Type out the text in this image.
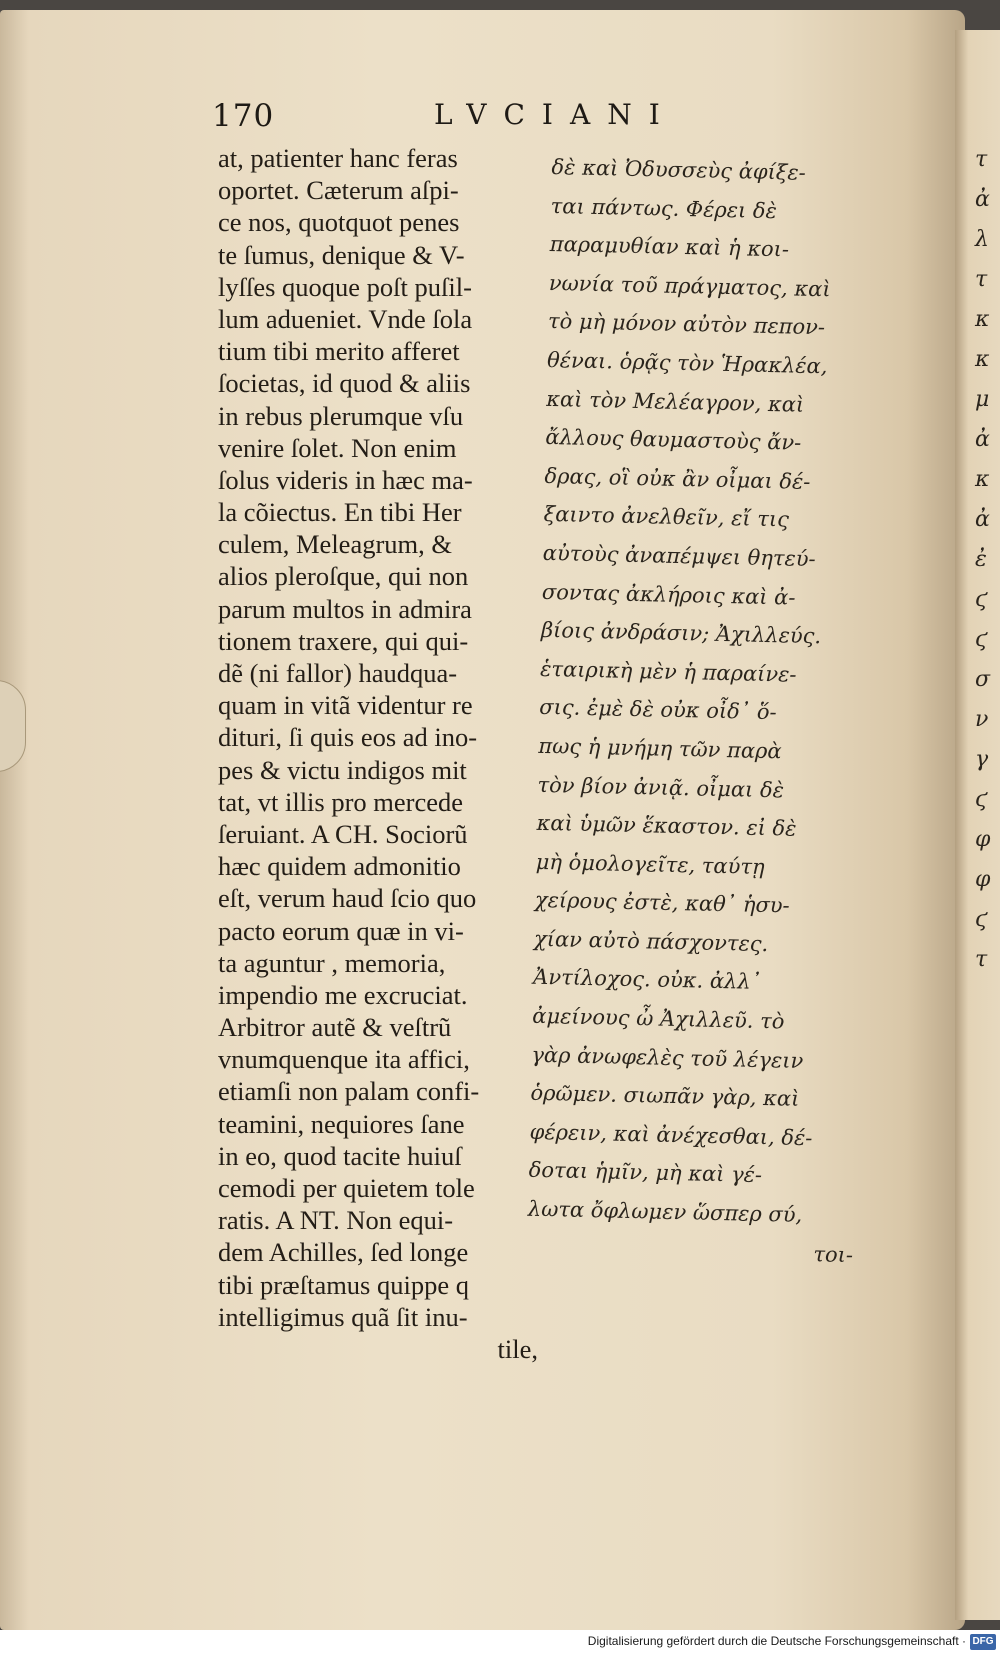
170	LVCIANI
at, patienter hanc feras
oportet. Cæterum aſpi-
ce nos, quotquot penes
te ſumus, denique & V-
lyſſes quoque poſt puſil-
lum adueniet. Vnde ſola
tium tibi merito afferet
ſocietas, id quod & aliis
in rebus plerumque vſu
venire ſolet. Non enim
ſolus videris in hæc ma-
la cõiectus. En tibi Her
culem, Meleagrum, &
alios pleroſque, qui non
parum multos in admira
tionem traxere, qui qui-
dẽ (ni fallor) haudqua-
quam in vitã videntur re
dituri, ſi quis eos ad ino-
pes & victu indigos mit
tat, vt illis pro mercede
ſeruiant. A CH. Sociorũ
hæc quidem admonitio
eſt, verum haud ſcio quo
pacto eorum quæ in vi-
ta aguntur , memoria,
impendio me excruciat.
Arbitror autẽ & veſtrũ
vnumquenque ita affici,
etiamſi non palam confi-
teamini, nequiores ſane
in eo, quod tacite huiuſ
cemodi per quietem tole
ratis. A NT. Non equi-
dem Achilles, ſed longe
tibi præſtamus quippe q
intelligimus quã ſit inu-
tile,
δὲ καὶ Ὀδυσσεὺς ἀφίξε-
ται πάντως. Φέρει δὲ
παραμυθίαν καὶ ἡ κοι-
νωνία τοῦ πράγματος, καὶ
τὸ μὴ μόνον αὐτὸν πεπον-
θέναι. ὁρᾷς τὸν Ἡρακλέα,
καὶ τὸν Μελέαγρον, καὶ
ἄλλους θαυμαστοὺς ἄν-
δρας, οἳ οὐκ ἂν οἶμαι δέ-
ξαιντο ἀνελθεῖν, εἴ τις
αὐτοὺς ἀναπέμψει θητεύ-
σοντας ἀκλήροις καὶ ἀ-
βίοις ἀνδράσιν; Ἀχιλλεύς.
ἑταιρικὴ μὲν ἡ παραίνε-
σις. ἐμὲ δὲ οὐκ οἶδ᾽ ὅ-
πως ἡ μνήμη τῶν παρὰ
τὸν βίον ἀνιᾷ. οἶμαι δὲ
καὶ ὑμῶν ἕκαστον. εἰ δὲ
μὴ ὁμολογεῖτε, ταύτῃ
χείρους ἐστὲ, καθ᾽ ἡσυ-
χίαν αὐτὸ πάσχοντες.
Ἀντίλοχος. οὐκ. ἀλλ᾽
ἀμείνους ὦ Ἀχιλλεῦ. τὸ
γὰρ ἀνωφελὲς τοῦ λέγειν
ὁρῶμεν. σιωπᾶν γὰρ, καὶ
φέρειν, καὶ ἀνέχεσθαι, δέ-
δοται ἡμῖν, μὴ καὶ γέ-
λωτα ὄφλωμεν ὥσπερ σύ,
τοι-
τ
ἀ
λ
τ
κ
κ
μ
ἀ
κ
ἀ
ἐ
ϛ
ϛ
σ
ν
γ
ϛ
φ
φ
ϛ
τ
Digitalisierung gefördert durch die Deutsche Forschungsgemeinschaft · DFG
